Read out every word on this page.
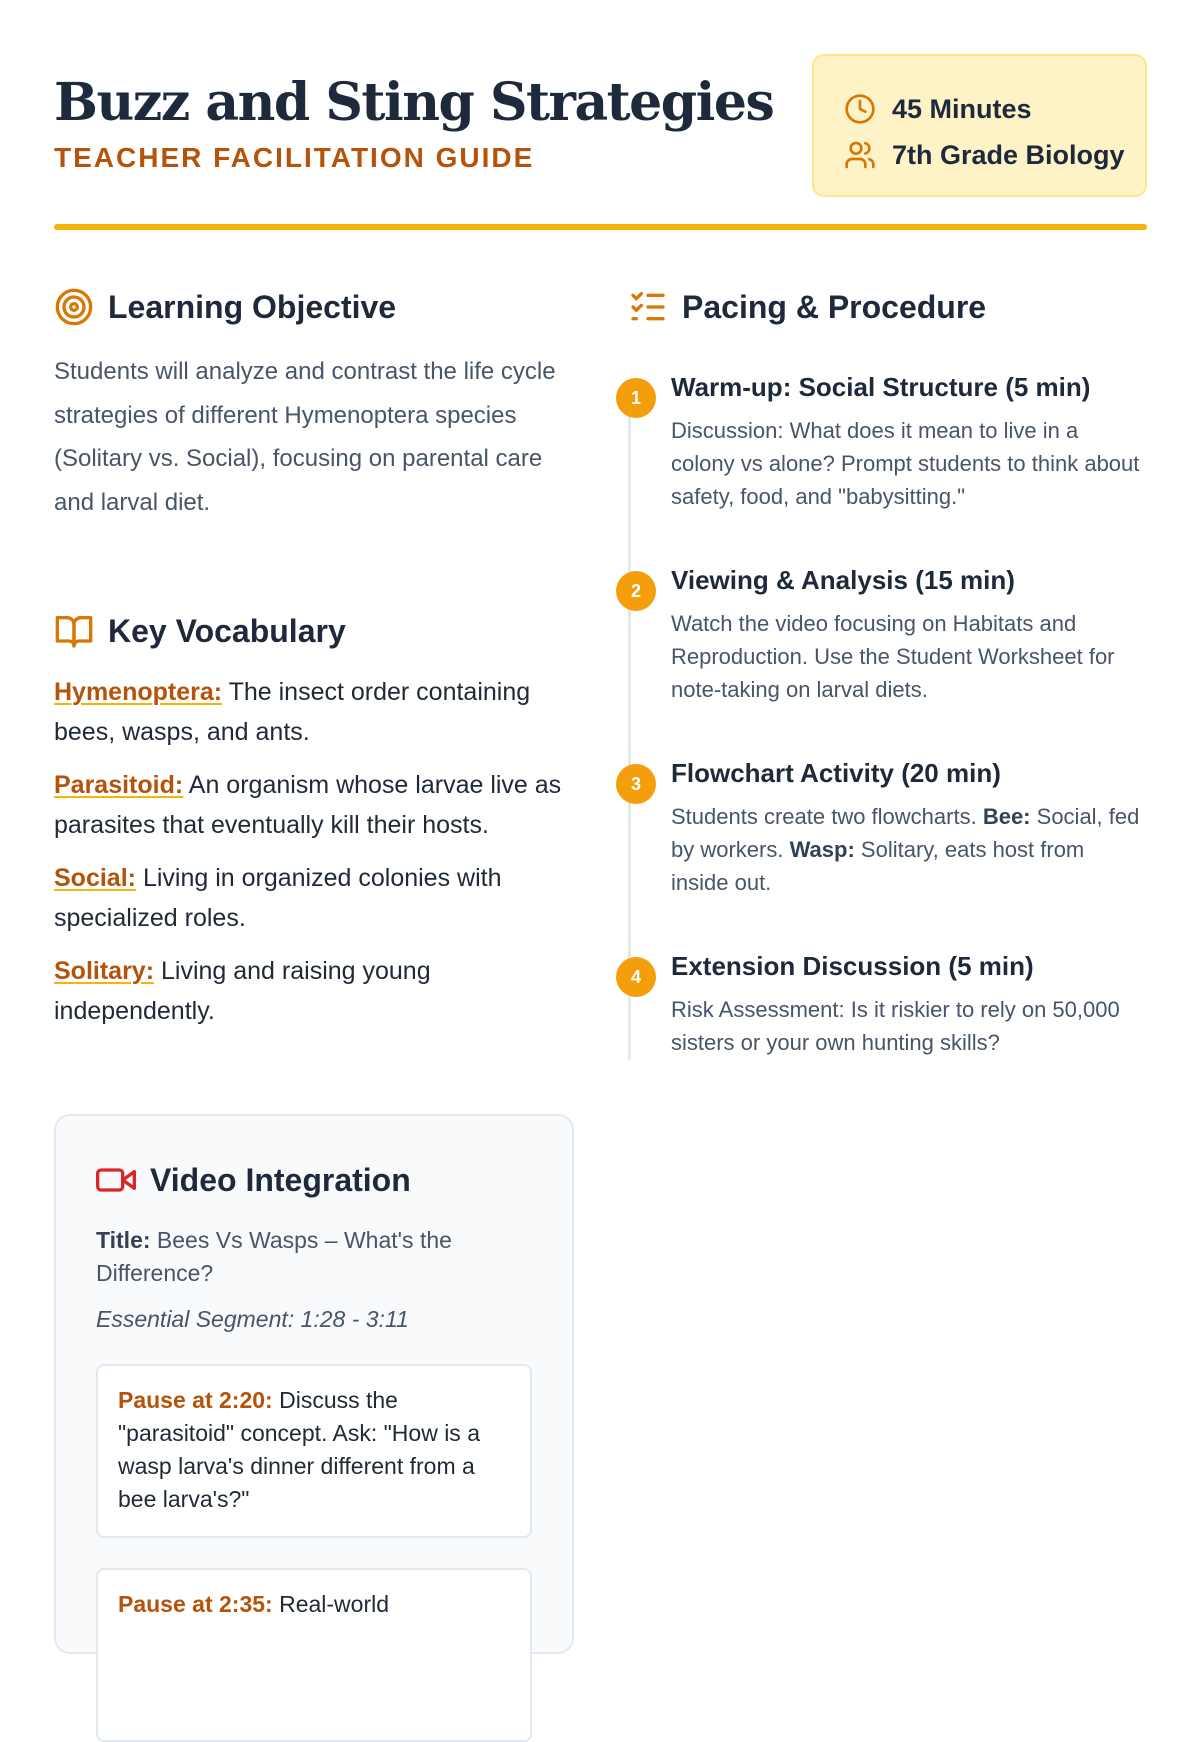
Buzz and Sting Strategies
TEACHER FACILITATION GUIDE
45 Minutes
7th Grade Biology
Learning Objective
Students will analyze and contrast the life cycle strategies of different Hymenoptera species (Solitary vs. Social), focusing on parental care and larval diet.
Key Vocabulary
Hymenoptera: The insect order containing bees, wasps, and ants.
Parasitoid: An organism whose larvae live as parasites that eventually kill their hosts.
Social: Living in organized colonies with specialized roles.
Solitary: Living and raising young independently.
Video Integration
Title: Bees Vs Wasps – What's the Difference?
Essential Segment: 1:28 - 3:11
Pause at 2:20: Discuss the "parasitoid" concept. Ask: "How is a wasp larva's dinner different from a bee larva's?"
Pause at 2:35: Real-world
Pacing & Procedure
1	Warm-up: Social Structure (5 min)
Discussion: What does it mean to live in a colony vs alone? Prompt students to think about safety, food, and "babysitting."
2	Viewing & Analysis (15 min)
Watch the video focusing on Habitats and Reproduction. Use the Student Worksheet for note-taking on larval diets.
3	Flowchart Activity (20 min)
Students create two flowcharts. Bee: Social, fed by workers. Wasp: Solitary, eats host from inside out.
4	Extension Discussion (5 min)
Risk Assessment: Is it riskier to rely on 50,000 sisters or your own hunting skills?
